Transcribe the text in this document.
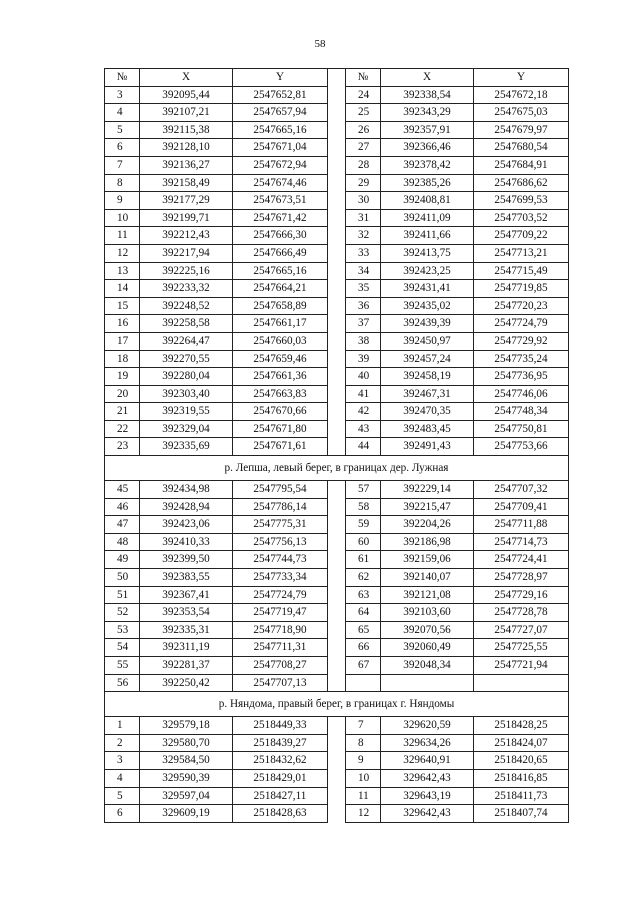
58
№	X	Y		№	X	Y
3	392095,44	2547652,81		24	392338,54	2547672,18
4	392107,21	2547657,94		25	392343,29	2547675,03
5	392115,38	2547665,16		26	392357,91	2547679,97
6	392128,10	2547671,04		27	392366,46	2547680,54
7	392136,27	2547672,94		28	392378,42	2547684,91
8	392158,49	2547674,46		29	392385,26	2547686,62
9	392177,29	2547673,51		30	392408,81	2547699,53
10	392199,71	2547671,42		31	392411,09	2547703,52
11	392212,43	2547666,30		32	392411,66	2547709,22
12	392217,94	2547666,49		33	392413,75	2547713,21
13	392225,16	2547665,16		34	392423,25	2547715,49
14	392233,32	2547664,21		35	392431,41	2547719,85
15	392248,52	2547658,89		36	392435,02	2547720,23
16	392258,58	2547661,17		37	392439,39	2547724,79
17	392264,47	2547660,03		38	392450,97	2547729,92
18	392270,55	2547659,46		39	392457,24	2547735,24
19	392280,04	2547661,36		40	392458,19	2547736,95
20	392303,40	2547663,83		41	392467,31	2547746,06
21	392319,55	2547670,66		42	392470,35	2547748,34
22	392329,04	2547671,80		43	392483,45	2547750,81
23	392335,69	2547671,61		44	392491,43	2547753,66
р. Лепша, левый берег, в границах дер. Лужная						
45	392434,98	2547795,54		57	392229,14	2547707,32
46	392428,94	2547786,14		58	392215,47	2547709,41
47	392423,06	2547775,31		59	392204,26	2547711,88
48	392410,33	2547756,13		60	392186,98	2547714,73
49	392399,50	2547744,73		61	392159,06	2547724,41
50	392383,55	2547733,34		62	392140,07	2547728,97
51	392367,41	2547724,79		63	392121,08	2547729,16
52	392353,54	2547719,47		64	392103,60	2547728,78
53	392335,31	2547718,90		65	392070,56	2547727,07
54	392311,19	2547711,31		66	392060,49	2547725,55
55	392281,37	2547708,27		67	392048,34	2547721,94
56	392250,42	2547707,13				
р. Няндома, правый берег, в границах г. Няндомы						
1	329579,18	2518449,33		7	329620,59	2518428,25
2	329580,70	2518439,27		8	329634,26	2518424,07
3	329584,50	2518432,62		9	329640,91	2518420,65
4	329590,39	2518429,01		10	329642,43	2518416,85
5	329597,04	2518427,11		11	329643,19	2518411,73
6	329609,19	2518428,63		12	329642,43	2518407,74
